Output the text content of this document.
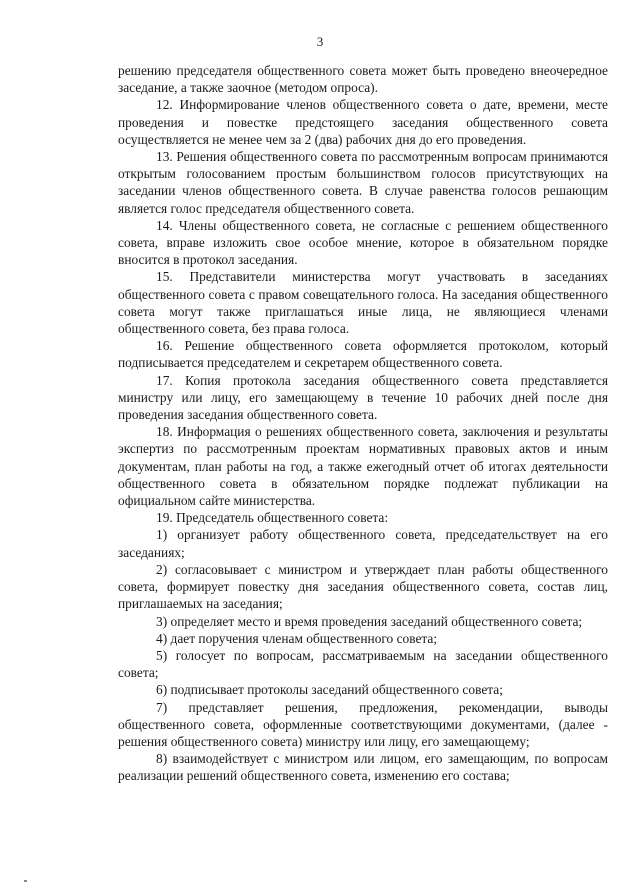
3

решению председателя общественного совета может быть проведено внеочередное заседание, а также заочное (методом опроса).

12. Информирование членов общественного совета о дате, времени, месте проведения и повестке предстоящего заседания общественного совета осуществляется не менее чем за 2 (два) рабочих дня до его проведения.

13. Решения общественного совета по рассмотренным вопросам принимаются открытым голосованием простым большинством голосов присутствующих на заседании членов общественного совета. В случае равенства голосов решающим является голос председателя общественного совета.

14. Члены общественного совета, не согласные с решением общественного совета, вправе изложить свое особое мнение, которое в обязательном порядке вносится в протокол заседания.

15. Представители министерства могут участвовать в заседаниях общественного совета с правом совещательного голоса. На заседания общественного совета могут также приглашаться иные лица, не являющиеся членами общественного совета, без права голоса.

16. Решение общественного совета оформляется протоколом, который подписывается председателем и секретарем общественного совета.

17. Копия протокола заседания общественного совета представляется министру или лицу, его замещающему в течение 10 рабочих дней после дня проведения заседания общественного совета.

18. Информация о решениях общественного совета, заключения и результаты экспертиз по рассмотренным проектам нормативных правовых актов и иным документам, план работы на год, а также ежегодный отчет об итогах деятельности общественного совета в обязательном порядке подлежат публикации на официальном сайте министерства.

19. Председатель общественного совета:

1) организует работу общественного совета, председательствует на его заседаниях;

2) согласовывает с министром и утверждает план работы общественного совета, формирует повестку дня заседания общественного совета, состав лиц, приглашаемых на заседания;

3) определяет место и время проведения заседаний общественного совета;

4) дает поручения членам общественного совета;

5) голосует по вопросам, рассматриваемым на заседании общественного совета;

6) подписывает протоколы заседаний общественного совета;

7) представляет решения, предложения, рекомендации, выводы общественного совета, оформленные соответствующими документами, (далее - решения общественного совета) министру или лицу, его замещающему;

8) взаимодействует с министром или лицом, его замещающим, по вопросам реализации решений общественного совета, изменению его состава;
